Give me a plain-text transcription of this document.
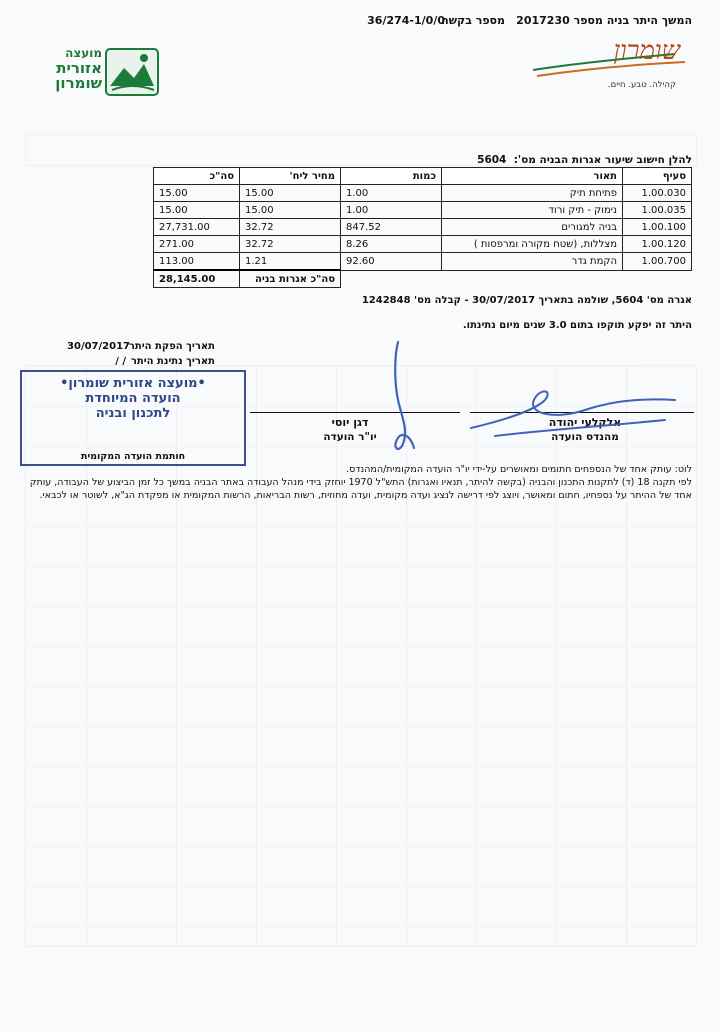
המשך היתר בניה מספר 2017230
מספר בקשה
36/274-1/0/0
מועצה
אזורית
שומרון
שומרון
קהילה. טבע. חיים.
להלן חישוב שיעור אגרות הבניה מס':  5604
סעיף	תאור	כמות	מחיר ליח'	סה"כ
1.00.030	פתיחת תיק	1.00	15.00	15.00
1.00.035	נימוק - תיק ורוד	1.00	15.00	15.00
1.00.100	בניה למגורים	847.52	32.72	27,731.00
1.00.120	מצללות, (שטח מקורה ומרפסות )	8.26	32.72	271.00
1.00.700	הקמת גדר	92.60	1.21	113.00
			סה"כ אגרות בניה	28,145.00
אגרה מס' 5604, שולמה בתאריך 30/07/2017 - קבלה מס' 1242848
היתר זה יפקע תוקפו בתום 3.0 שנים מיום נתינתו.
תאריך הפקת היתר
30/07/2017
תאריך נתינת היתר
/ /
•מועצה אזורית שומרון•
הועדה המיוחדת
לתכנון ובניה
חותמת הועדה המקומית
אלקלעי יהודה
מהנדס הועדה
דגן יוסי
יו"ר הועדה
לוט: עותק אחד של הנספחים חתומים ומאושרים על-ידי יו"ר הועדה המקומית/המהנדס.
לפי תקנה 18 (ד) לתקנות התכנון והבניה (בקשה להיתר, תנאיו ואגרות) התש"ל 1970 יוחזק בידי מנהל העבודה באתר הבניה במשך כל זמן הביצוע של העבודה, עותק אחד של ההיתר על נספחיו, חתום ומאושר, ויוצג לפי דרישה לנציג ועדה מקומית, ועדה מחוזית, רשות הבריאות, הרשות המקומית או מפקדת הג"א, לשוטר או לכבאי.
